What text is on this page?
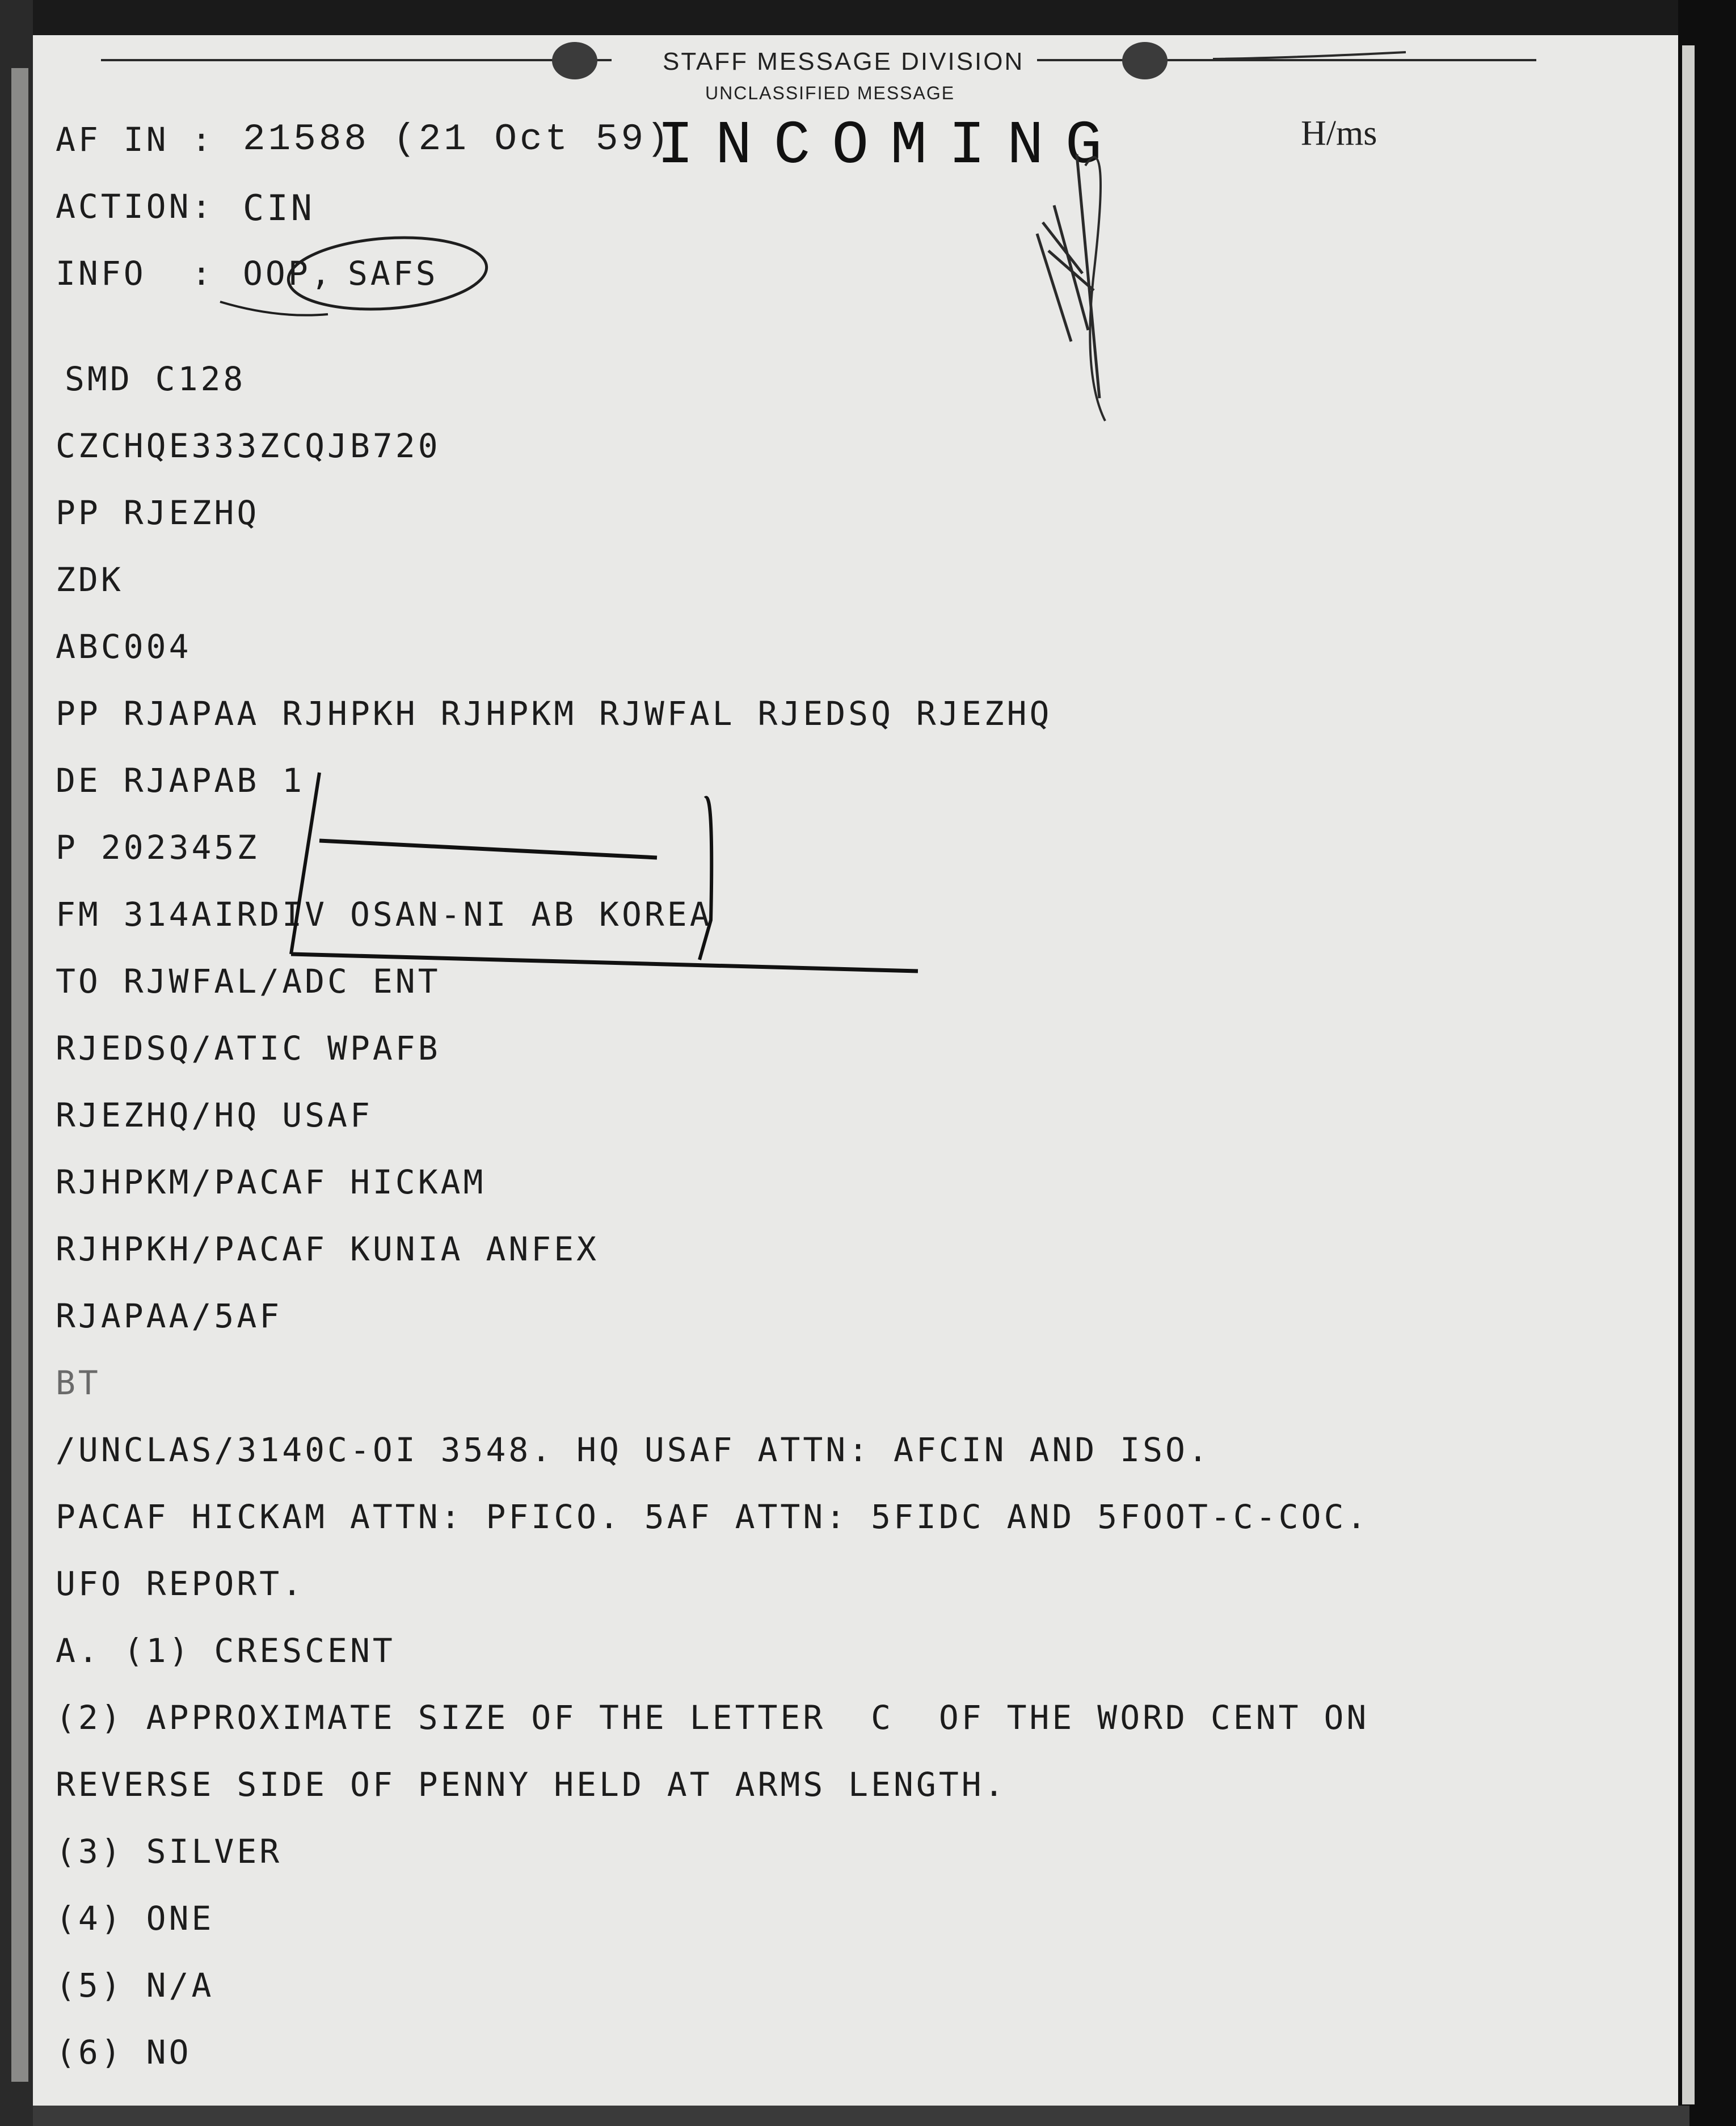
STAFF MESSAGE DIVISION
UNCLASSIFIED MESSAGE
INCOMING	H/ms
AF IN : 21588 (21 Oct 59)
ACTION: CIN
INFO  : OOP, SAFS
SMD C128
CZCHQE333ZCQJB720
PP RJEZHQ
ZDK
ABC004
PP RJAPAA RJHPKH RJHPKM RJWFAL RJEDSQ RJEZHQ
DE RJAPAB 1
P 202345Z
FM 314AIRDIV OSAN-NI AB KOREA
TO RJWFAL/ADC ENT
RJEDSQ/ATIC WPAFB
RJEZHQ/HQ USAF
RJHPKM/PACAF HICKAM
RJHPKH/PACAF KUNIA ANFEX
RJAPAA/5AF
BT
/UNCLAS/3140C-OI 3548. HQ USAF ATTN: AFCIN AND ISO.
PACAF HICKAM ATTN: PFICO. 5AF ATTN: 5FIDC AND 5FOOT-C-COC.
UFO REPORT.
A. (1) CRESCENT
(2) APPROXIMATE SIZE OF THE LETTER  C  OF THE WORD CENT ON
REVERSE SIDE OF PENNY HELD AT ARMS LENGTH.
(3) SILVER
(4) ONE
(5) N/A
(6) NO
